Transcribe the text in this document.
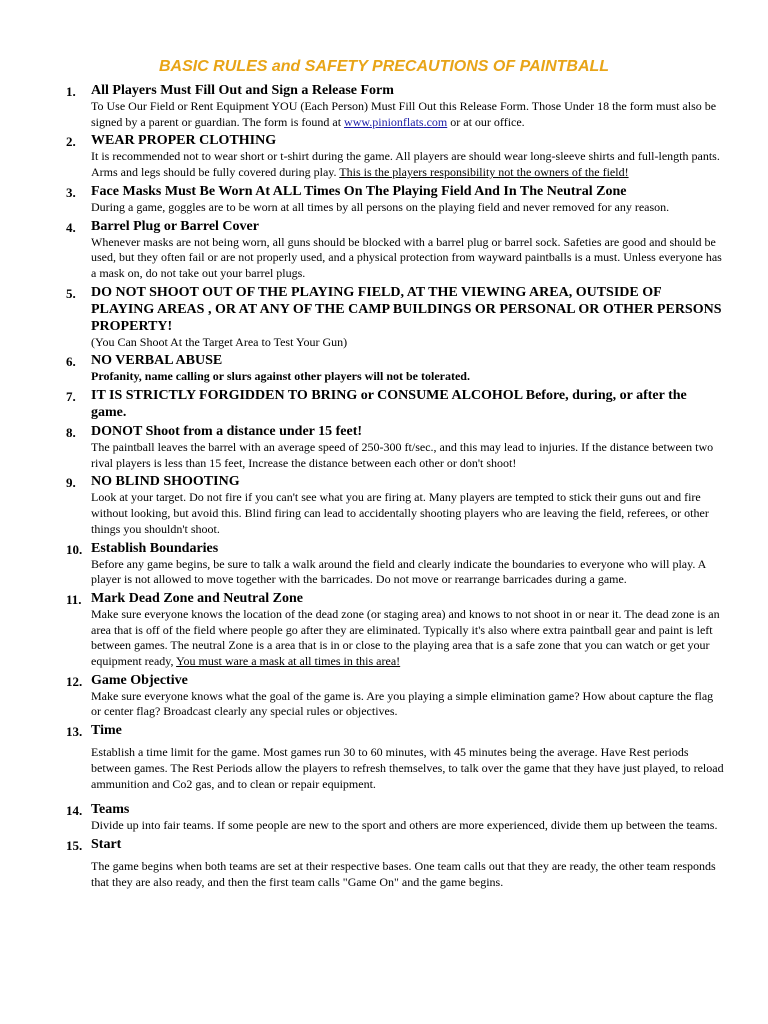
BASIC RULES and SAFETY PRECAUTIONS OF PAINTBALL
1. All Players Must Fill Out and Sign a Release Form
To Use Our Field or Rent Equipment YOU (Each Person) Must Fill Out this Release Form. Those Under 18 the form must also be signed by a parent or guardian. The form is found at www.pinionflats.com or at our office.
2. WEAR PROPER CLOTHING
It is recommended not to wear short or t-shirt during the game. All players are should wear long-sleeve shirts and full-length pants. Arms and legs should be fully covered during play. This is the players responsibility not the owners of the field!
3. Face Masks Must Be Worn At ALL Times On The Playing Field And In The Neutral Zone
During a game, goggles are to be worn at all times by all persons on the playing field and never removed for any reason.
4. Barrel Plug or Barrel Cover
Whenever masks are not being worn, all guns should be blocked with a barrel plug or barrel sock. Safeties are good and should be used, but they often fail or are not properly used, and a physical protection from wayward paintballs is a must. Unless everyone has a mask on, do not take out your barrel plugs.
5. DO NOT SHOOT OUT OF THE PLAYING FIELD, AT THE VIEWING AREA, OUTSIDE OF PLAYING AREAS , OR AT ANY OF THE CAMP BUILDINGS OR PERSONAL OR OTHER PERSONS PROPERTY!
(You Can Shoot At the Target Area to Test Your Gun)
6. NO VERBAL ABUSE
Profanity, name calling or slurs against other players will not be tolerated.
7. IT IS STRICTLY FORGIDDEN TO BRING or CONSUME ALCOHOL Before, during, or after the game.
8. DONOT Shoot from a distance under 15 feet!
The paintball leaves the barrel with an average speed of 250-300 ft/sec., and this may lead to injuries. If the distance between two rival players is less than 15 feet, Increase the distance between each other or don't shoot!
9. NO BLIND SHOOTING
Look at your target. Do not fire if you can't see what you are firing at. Many players are tempted to stick their guns out and fire without looking, but avoid this. Blind firing can lead to accidentally shooting players who are leaving the field, referees, or other things you shouldn't shoot.
10. Establish Boundaries
Before any game begins, be sure to talk a walk around the field and clearly indicate the boundaries to everyone who will play. A player is not allowed to move together with the barricades. Do not move or rearrange barricades during a game.
11. Mark Dead Zone and Neutral Zone
Make sure everyone knows the location of the dead zone (or staging area) and knows to not shoot in or near it. The dead zone is an area that is off of the field where people go after they are eliminated. Typically it's also where extra paintball gear and paint is left between games. The neutral Zone is a area that is in or close to the playing area that is a safe zone that you can watch or get your equipment ready, You must ware a mask at all times in this area!
12. Game Objective
Make sure everyone knows what the goal of the game is. Are you playing a simple elimination game? How about capture the flag or center flag? Broadcast clearly any special rules or objectives.
13. Time
Establish a time limit for the game. Most games run 30 to 60 minutes, with 45 minutes being the average. Have Rest periods between games. The Rest Periods allow the players to refresh themselves, to talk over the game that they have just played, to reload ammunition and Co2 gas, and to clean or repair equipment.
14. Teams
Divide up into fair teams. If some people are new to the sport and others are more experienced, divide them up between the teams.
15. Start
The game begins when both teams are set at their respective bases. One team calls out that they are ready, the other team responds that they are also ready, and then the first team calls "Game On" and the game begins.
